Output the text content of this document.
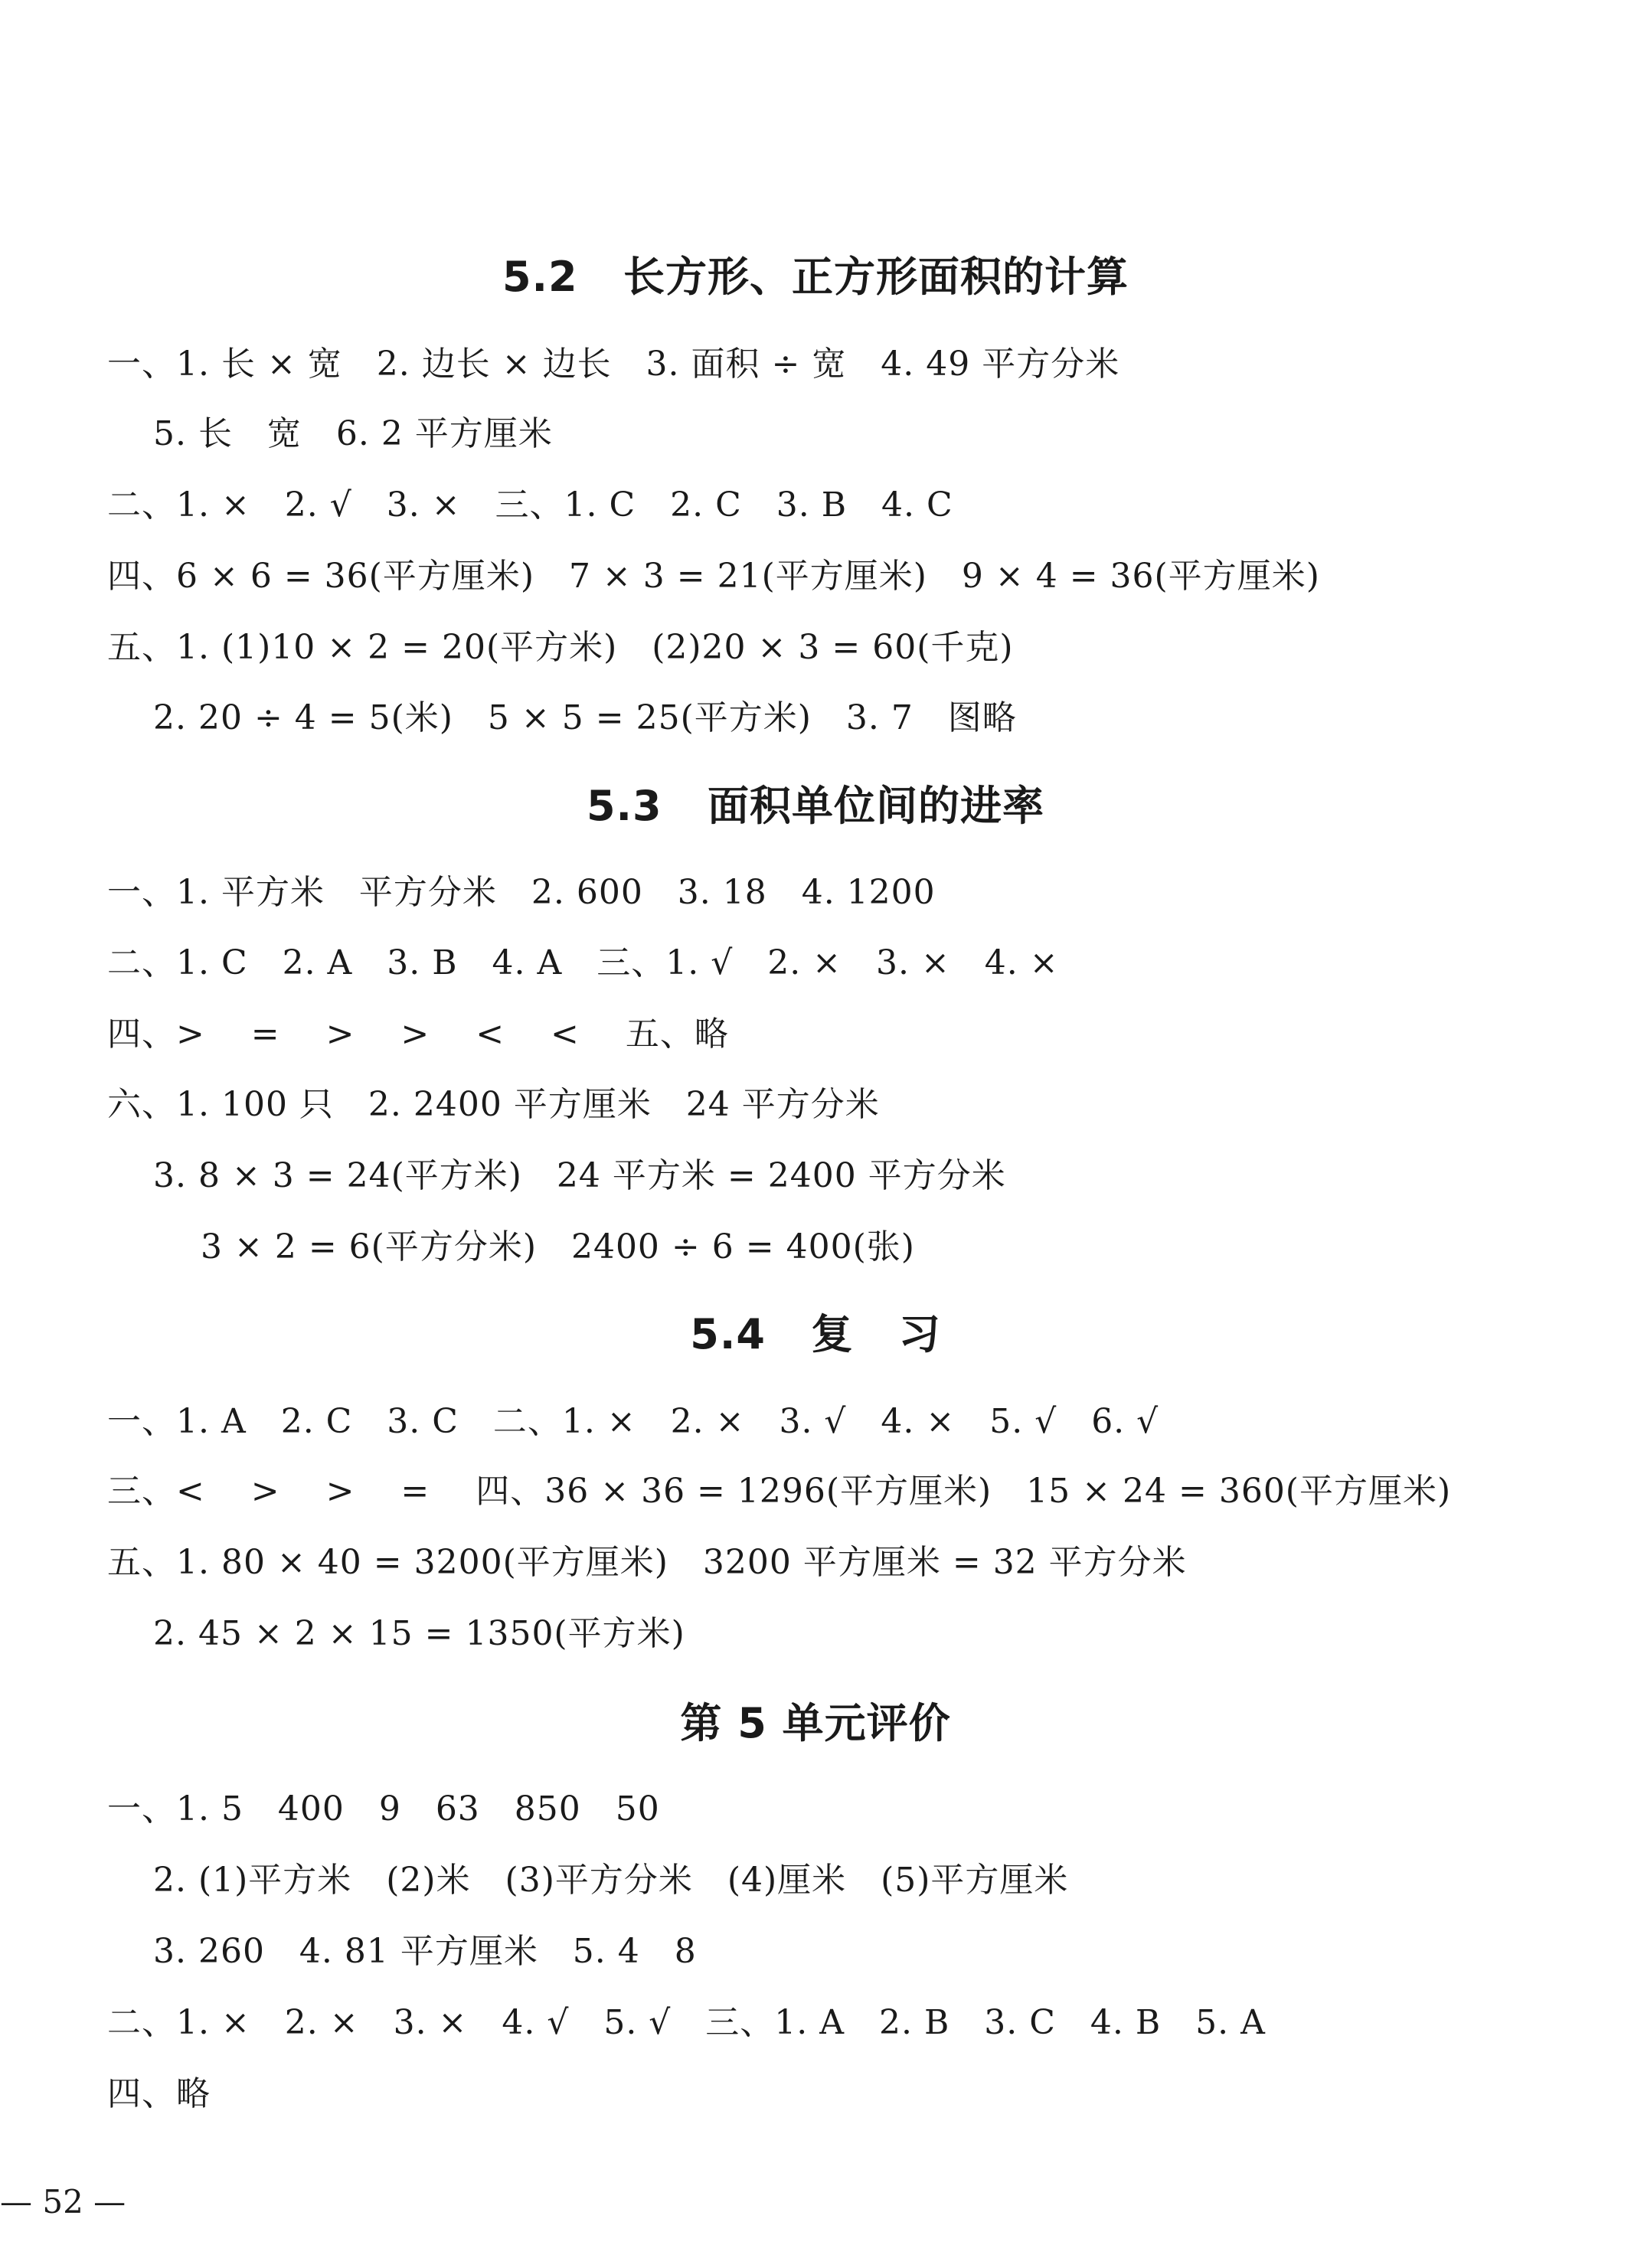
5.2   长方形、正方形面积的计算
一、1. 长 × 宽   2. 边长 × 边长   3. 面积 ÷ 宽   4. 49 平方分米
5. 长   宽   6. 2 平方厘米
二、1. ×   2. √   3. ×   三、1. C   2. C   3. B   4. C
四、6 × 6 = 36(平方厘米)   7 × 3 = 21(平方厘米)   9 × 4 = 36(平方厘米)
五、1. (1)10 × 2 = 20(平方米)   (2)20 × 3 = 60(千克)
2. 20 ÷ 4 = 5(米)   5 × 5 = 25(平方米)   3. 7   图略
5.3   面积单位间的进率
一、1. 平方米   平方分米   2. 600   3. 18   4. 1200
二、1. C   2. A   3. B   4. A   三、1. √   2. ×   3. ×   4. ×
四、>    =    >    >    <    <    五、略
六、1. 100 只   2. 2400 平方厘米   24 平方分米
3. 8 × 3 = 24(平方米)   24 平方米 = 2400 平方分米
3 × 2 = 6(平方分米)   2400 ÷ 6 = 400(张)
5.4   复   习
一、1. A   2. C   3. C   二、1. ×   2. ×   3. √   4. ×   5. √   6. √
三、<    >    >    =    四、36 × 36 = 1296(平方厘米)   15 × 24 = 360(平方厘米)
五、1. 80 × 40 = 3200(平方厘米)   3200 平方厘米 = 32 平方分米
2. 45 × 2 × 15 = 1350(平方米)
第 5 单元评价
一、1. 5   400   9   63   850   50
2. (1)平方米   (2)米   (3)平方分米   (4)厘米   (5)平方厘米
3. 260   4. 81 平方厘米   5. 4   8
二、1. ×   2. ×   3. ×   4. √   5. √   三、1. A   2. B   3. C   4. B   5. A
四、略
— 52 —
